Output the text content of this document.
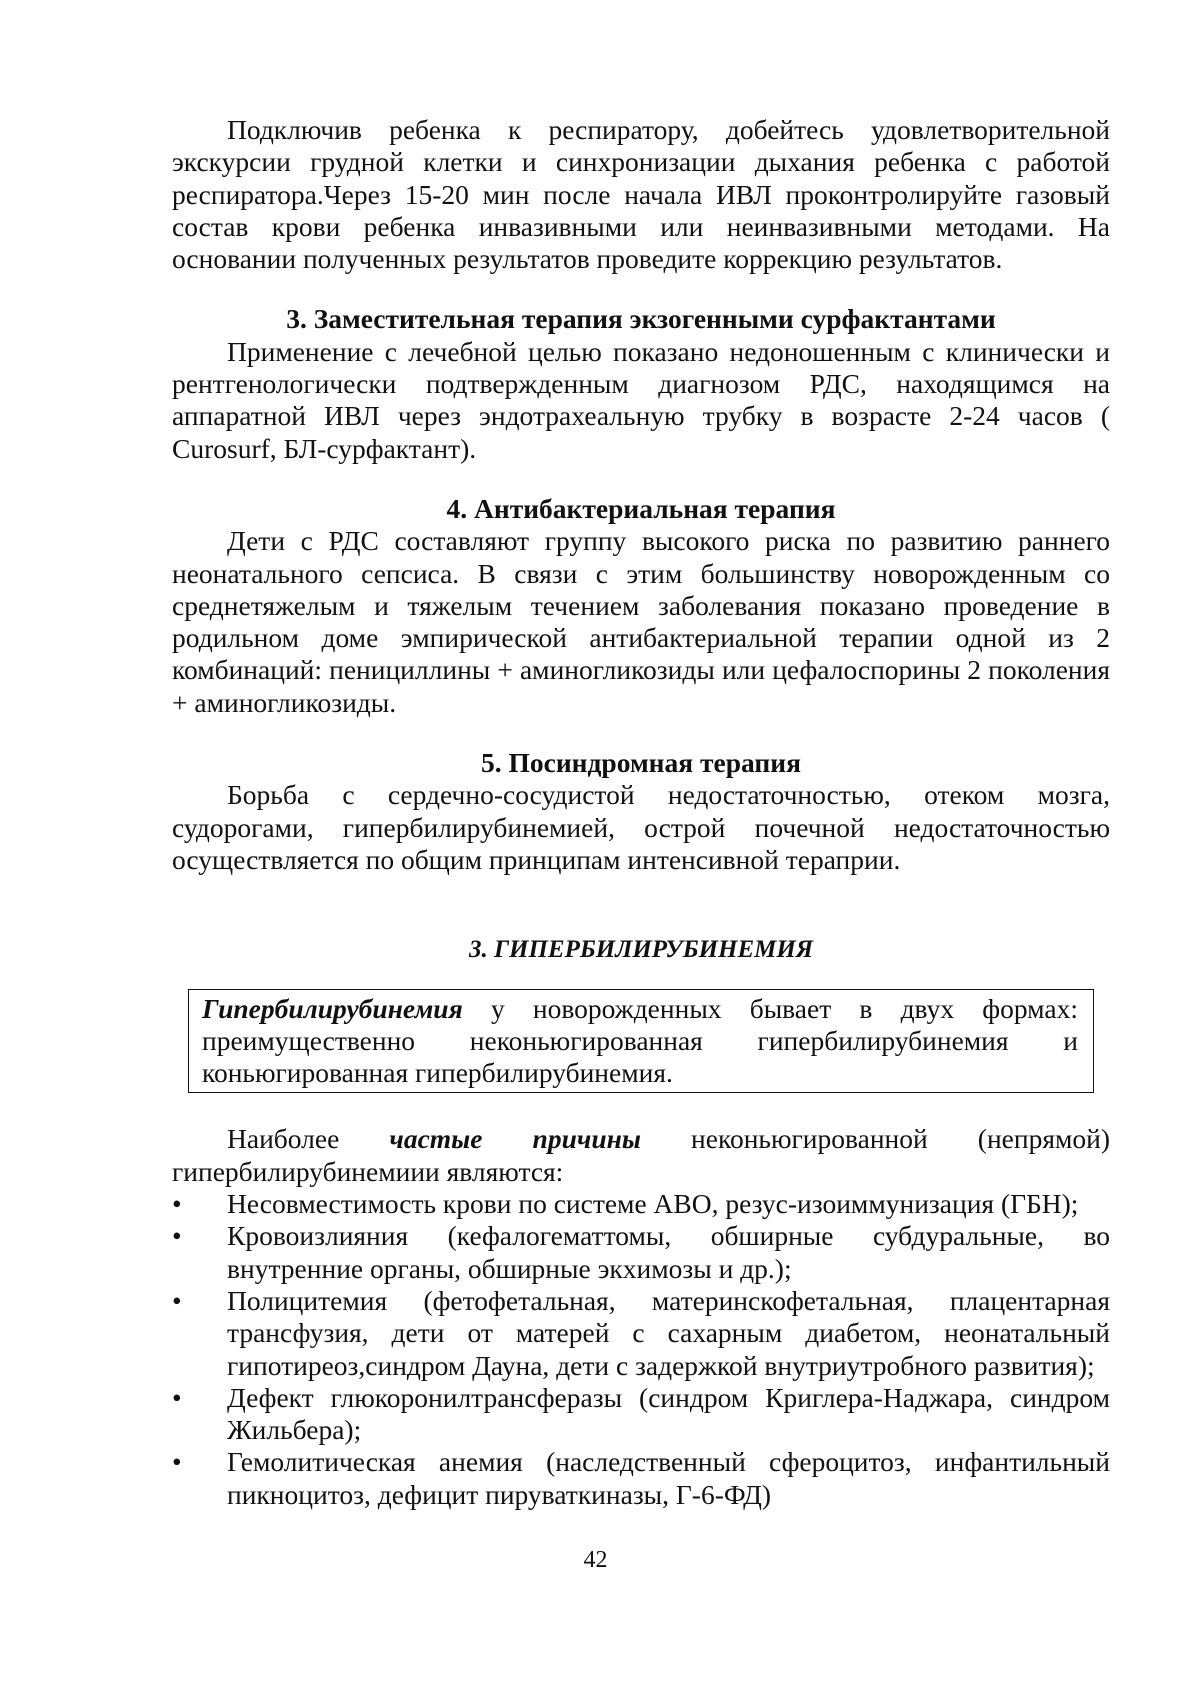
Подключив ребенка к респиратору, добейтесь удовлетворительной экскурсии грудной клетки и синхронизации дыхания ребенка с работой респиратора.Через 15-20 мин после начала ИВЛ проконтролируйте газовый состав крови ребенка инвазивными или неинвазивными методами. На основании полученных результатов проведите коррекцию результатов.

3. Заместительная терапия экзогенными сурфактантами

Применение с лечебной целью показано недоношенным с клинически и рентгенологически подтвержденным диагнозом РДС, находящимся на аппаратной ИВЛ через эндотрахеальную трубку в возрасте 2-24 часов ( Curosurf, БЛ-сурфактант).

4. Антибактериальная терапия

Дети с РДС составляют группу высокого риска по развитию раннего неонатального сепсиса. В связи с этим большинству новорожденным со среднетяжелым и тяжелым течением заболевания показано проведение в родильном доме эмпирической антибактериальной терапии одной из 2 комбинаций: пенициллины + аминогликозиды или цефалоспорины 2 поколения + аминогликозиды.

5. Посиндромная терапия

Борьба с сердечно-сосудистой недостаточностью, отеком мозга, судорогами, гипербилирубинемией, острой почечной недостаточностью осуществляется по общим принципам интенсивной тераприи.

3. ГИПЕРБИЛИРУБИНЕМИЯ

Гипербилирубинемия у новорожденных бывает в двух формах: преимущественно неконьюгированная гипербилирубинемия и коньюгированная гипербилирубинемия.

Наиболее частые причины неконьюгированной (непрямой) гипербилирубинемиии являются:

• Несовместимость крови по системе АВО, резус-изоиммунизация (ГБН);
• Кровоизлияния (кефалогематтомы, обширные субдуральные, во внутренние органы, обширные экхимозы и др.);
• Полицитемия (фетофетальная, материнскофетальная, плацентарная трансфузия, дети от матерей с сахарным диабетом, неонатальный гипотиреоз,синдром Дауна, дети с задержкой внутриутробного развития);
• Дефект глюкоронилтрансферазы (синдром Криглера-Наджара, синдром Жильбера);
• Гемолитическая анемия (наследственный сфероцитоз, инфантильный пикноцитоз, дефицит пируваткиназы, Г-6-ФД)
42
